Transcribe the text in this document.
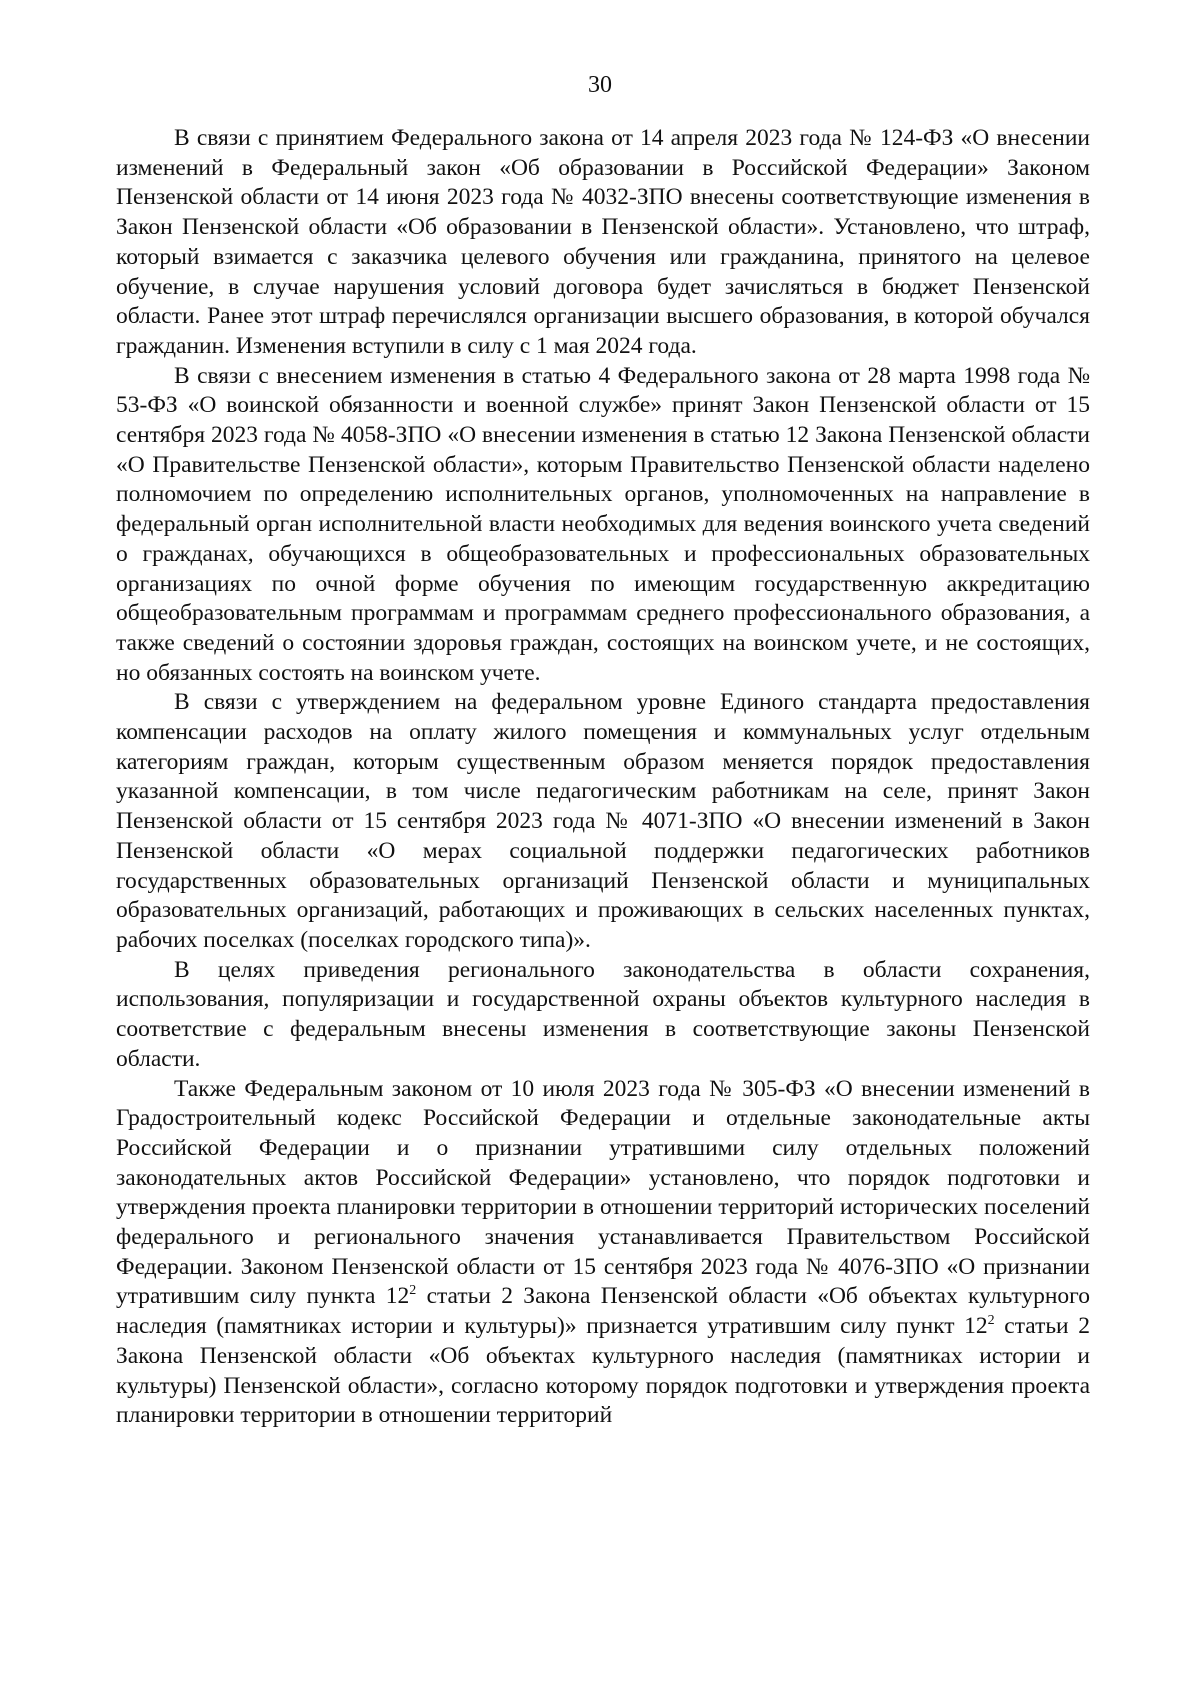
30

В связи с принятием Федерального закона от 14 апреля 2023 года № 124-ФЗ «О внесении изменений в Федеральный закон «Об образовании в Российской Федерации» Законом Пензенской области от 14 июня 2023 года № 4032-ЗПО внесены соответствующие изменения в Закон Пензенской области «Об образовании в Пензенской области». Установлено, что штраф, который взимается с заказчика целевого обучения или гражданина, принятого на целевое обучение, в случае нарушения условий договора будет зачисляться в бюджет Пензенской области. Ранее этот штраф перечислялся организации высшего образования, в которой обучался гражданин. Изменения вступили в силу с 1 мая 2024 года.

В связи с внесением изменения в статью 4 Федерального закона от 28 марта 1998 года № 53-ФЗ «О воинской обязанности и военной службе» принят Закон Пензенской области от 15 сентября 2023 года № 4058-ЗПО «О внесении изменения в статью 12 Закона Пензенской области «О Правительстве Пензенской области», которым Правительство Пензенской области наделено полномочием по определению исполнительных органов, уполномоченных на направление в федеральный орган исполнительной власти необходимых для ведения воинского учета сведений о гражданах, обучающихся в общеобразовательных и профессиональных образовательных организациях по очной форме обучения по имеющим государственную аккредитацию общеобразовательным программам и программам среднего профессионального образования, а также сведений о состоянии здоровья граждан, состоящих на воинском учете, и не состоящих, но обязанных состоять на воинском учете.

В связи с утверждением на федеральном уровне Единого стандарта предоставления компенсации расходов на оплату жилого помещения и коммунальных услуг отдельным категориям граждан, которым существенным образом меняется порядок предоставления указанной компенсации, в том числе педагогическим работникам на селе, принят Закон Пензенской области от 15 сентября 2023 года № 4071-ЗПО «О внесении изменений в Закон Пензенской области «О мерах социальной поддержки педагогических работников государственных образовательных организаций Пензенской области и муниципальных образовательных организаций, работающих и проживающих в сельских населенных пунктах, рабочих поселках (поселках городского типа)».

В целях приведения регионального законодательства в области сохранения, использования, популяризации и государственной охраны объектов культурного наследия в соответствие с федеральным внесены изменения в соответствующие законы Пензенской области.

Также Федеральным законом от 10 июля 2023 года № 305-ФЗ «О внесении изменений в Градостроительный кодекс Российской Федерации и отдельные законодательные акты Российской Федерации и о признании утратившими силу отдельных положений законодательных актов Российской Федерации» установлено, что порядок подготовки и утверждения проекта планировки территории в отношении территорий исторических поселений федерального и регионального значения устанавливается Правительством Российской Федерации. Законом Пензенской области от 15 сентября 2023 года № 4076-ЗПО «О признании утратившим силу пункта $12^2$ статьи 2 Закона Пензенской области «Об объектах культурного наследия (памятниках истории и культуры)» признается утратившим силу пункт $12^2$ статьи 2 Закона Пензенской области «Об объектах культурного наследия (памятниках истории и культуры) Пензенской области», согласно которому порядок подготовки и утверждения проекта планировки территории в отношении территорий
